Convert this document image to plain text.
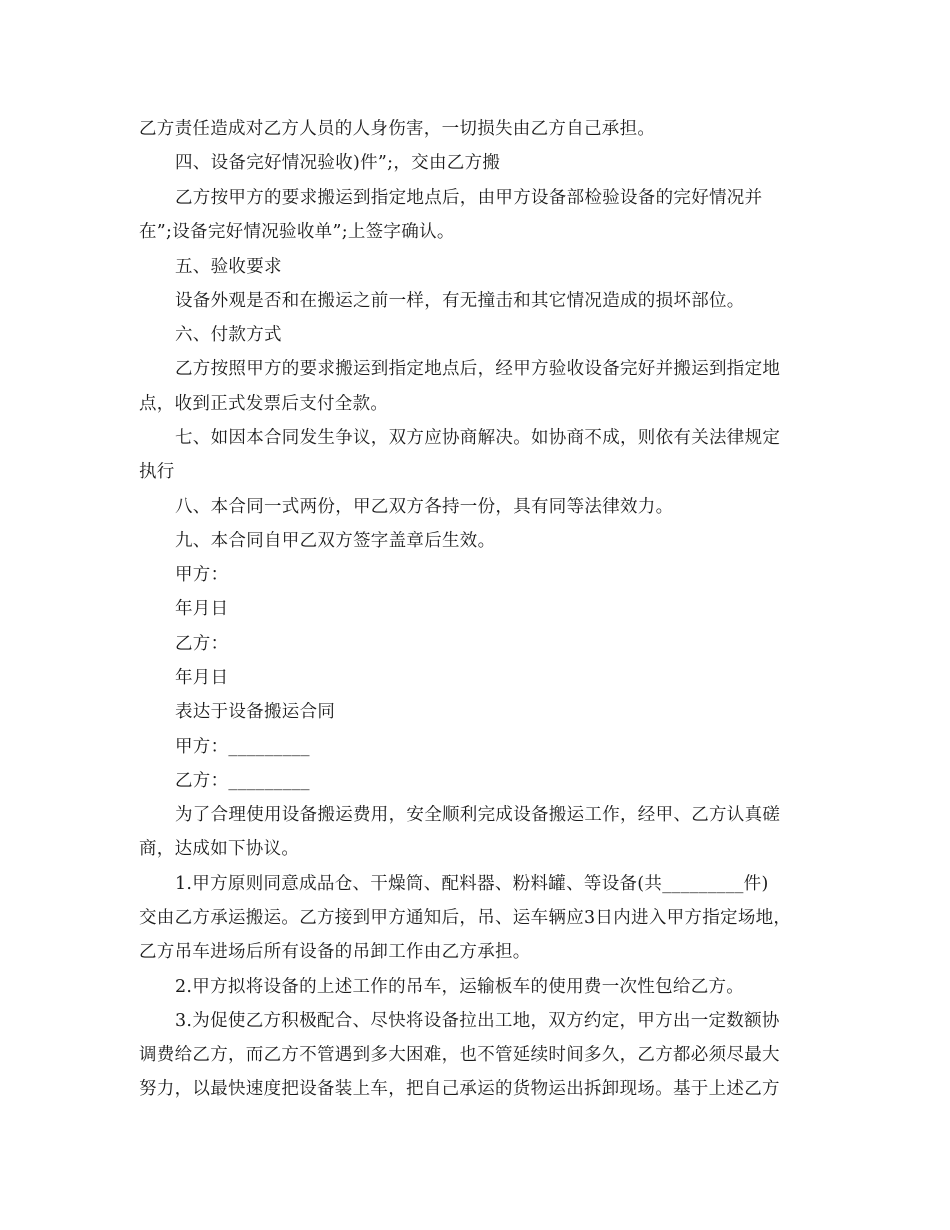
乙方责任造成对乙方人员的人身伤害，一切损失由乙方自己承担。
四、设备完好情况验收)件”;，交由乙方搬
乙方按甲方的要求搬运到指定地点后，由甲方设备部检验设备的完好情况并
在”;设备完好情况验收单”;上签字确认。
五、验收要求
设备外观是否和在搬运之前一样，有无撞击和其它情况造成的损坏部位。
六、付款方式
乙方按照甲方的要求搬运到指定地点后，经甲方验收设备完好并搬运到指定地
点，收到正式发票后支付全款。
七、如因本合同发生争议，双方应协商解决。如协商不成，则依有关法律规定
执行
八、本合同一式两份，甲乙双方各持一份，具有同等法律效力。
九、本合同自甲乙双方签字盖章后生效。
甲方：
年月日
乙方：
年月日
表达于设备搬运合同
甲方：_________
乙方：_________
为了合理使用设备搬运费用，安全顺利完成设备搬运工作，经甲、乙方认真磋
商，达成如下协议。
1.甲方原则同意成品仓、干燥筒、配料器、粉料罐、等设备(共_________件)
交由乙方承运搬运。乙方接到甲方通知后，吊、运车辆应3日内进入甲方指定场地，
乙方吊车进场后所有设备的吊卸工作由乙方承担。
2.甲方拟将设备的上述工作的吊车，运输板车的使用费一次性包给乙方。
3.为促使乙方积极配合、尽快将设备拉出工地，双方约定，甲方出一定数额协
调费给乙方，而乙方不管遇到多大困难，也不管延续时间多久，乙方都必须尽最大
努力，以最快速度把设备装上车，把自己承运的货物运出拆卸现场。基于上述乙方
